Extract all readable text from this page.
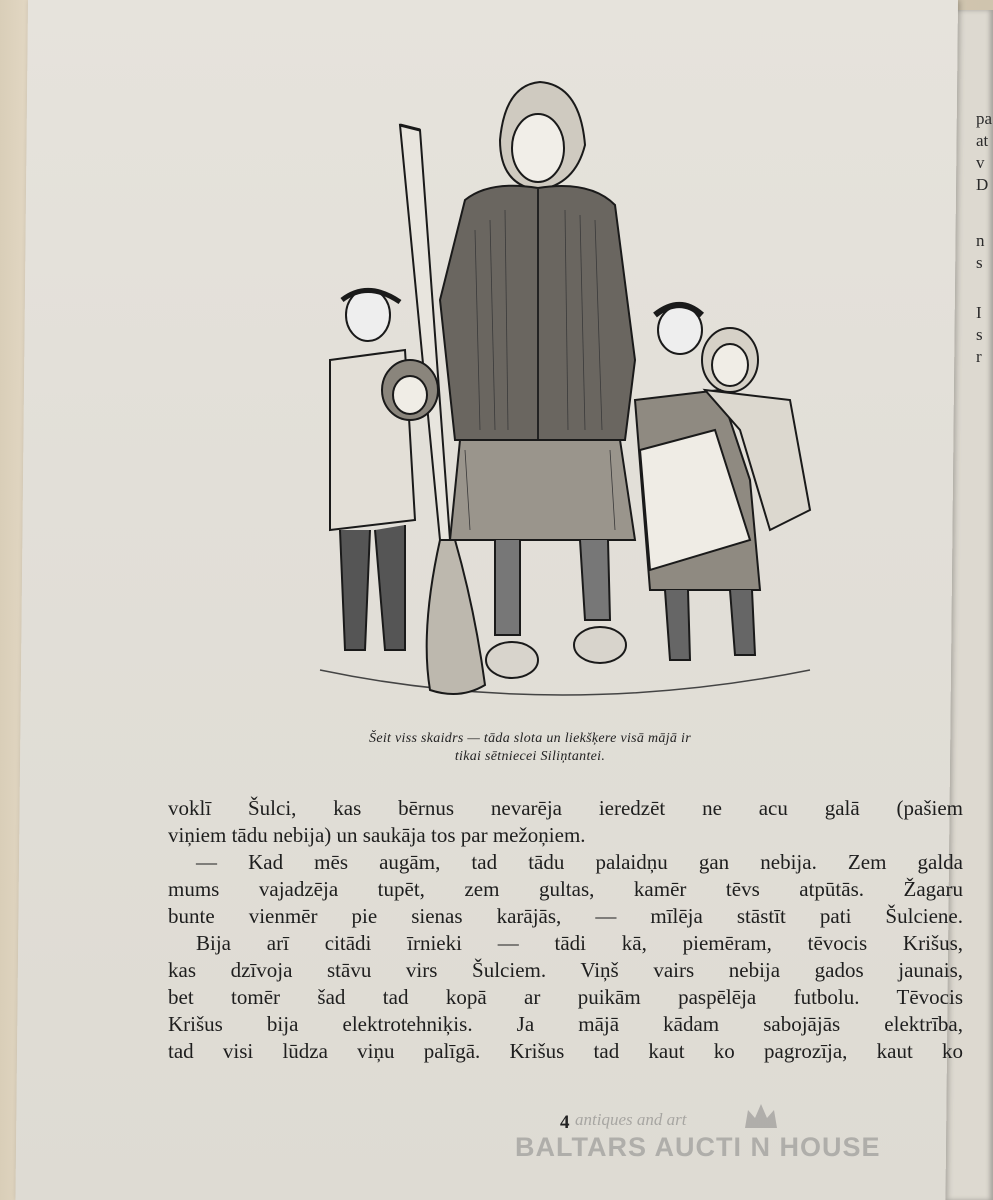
pa
at
v
D
n
s
I
s
r
Šeit viss skaidrs — tāda slota un liekšķere visā mājā ir
tikai sētniecei Siliņtantei.
voklī Šulci, kas bērnus nevarēja ieredzēt ne acu galā (pašiem
viņiem tādu nebija) un saukāja tos par mežoņiem.
— Kad mēs augām, tad tādu palaidņu gan nebija. Zem galda
mums vajadzēja tupēt, zem gultas, kamēr tēvs atpūtās. Žagaru
bunte vienmēr pie sienas karājās, — mīlēja stāstīt pati Šulciene.
Bija arī citādi īrnieki — tādi kā, piemēram, tēvocis Krišus,
kas dzīvoja stāvu virs Šulciem. Viņš vairs nebija gados jaunais,
bet tomēr šad tad kopā ar puikām paspēlēja futbolu. Tēvocis
Krišus bija elektrotehniķis. Ja mājā kādam sabojājās elektrība,
tad visi lūdza viņu palīgā. Krišus tad kaut ko pagrozīja, kaut ko
4 antiques and art
BALTARS AUCTI N HOUSE
